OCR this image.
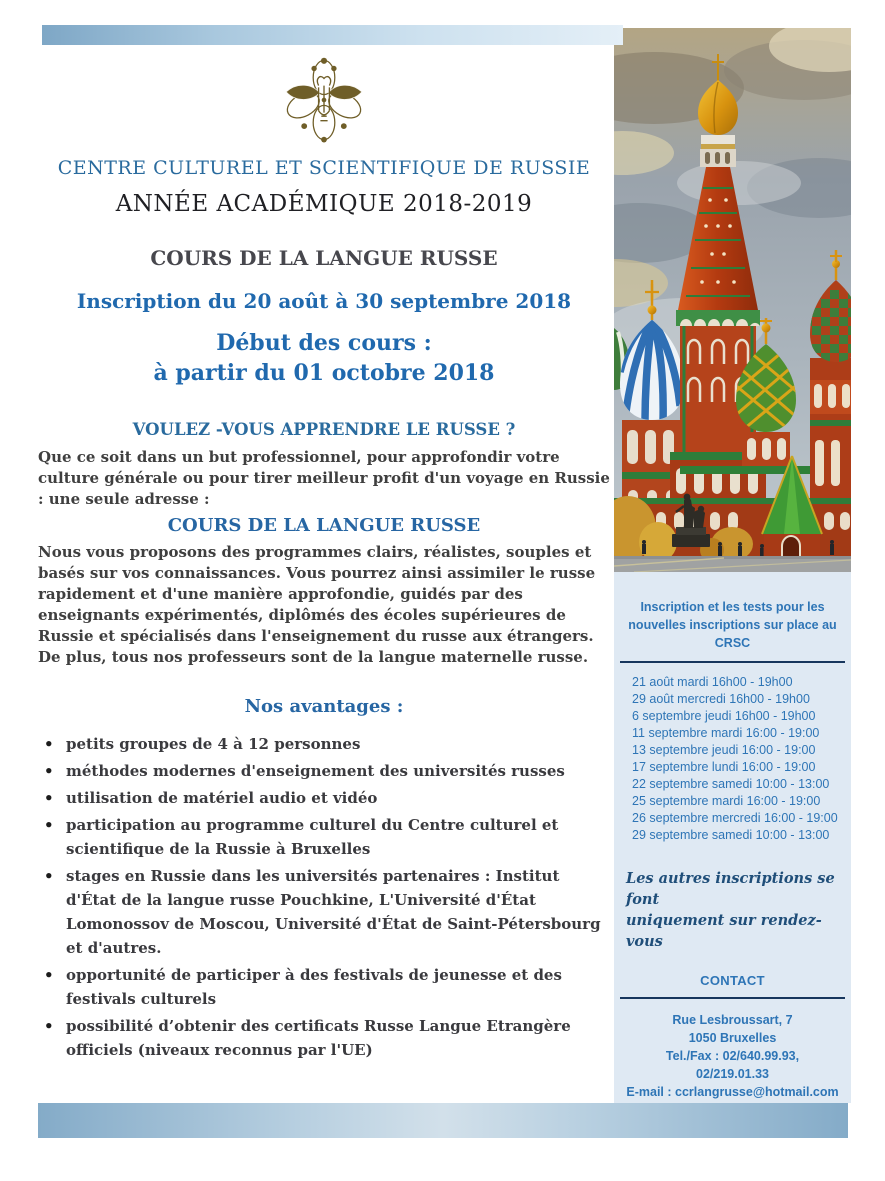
CENTRE CULTUREL ET SCIENTIFIQUE DE RUSSIE
ANNÉE ACADÉMIQUE 2018-2019
COURS DE LA LANGUE RUSSE
Inscription du 20 août à 30 septembre 2018
Début des cours :
à partir du 01 octobre 2018
VOULEZ -VOUS APPRENDRE LE RUSSE ?

Que ce soit dans un but professionnel, pour approfondir votre culture générale ou pour tirer meilleur profit d'un voyage en Russie : une seule adresse :

COURS DE LA LANGUE RUSSE

Nous vous proposons des programmes clairs, réalistes, souples et basés sur vos connaissances. Vous pourrez ainsi assimiler le russe rapidement et d'une manière approfondie, guidés par des enseignants expérimentés, diplômés des écoles supérieures de Russie et spécialisés dans l'enseignement du russe aux étrangers. De plus, tous nos professeurs sont de la langue maternelle russe.

Nos avantages :
• petits groupes de 4 à 12 personnes
• méthodes modernes d'enseignement des universités russes
• utilisation de matériel audio et vidéo
• participation au programme culturel du Centre culturel et scientifique de la Russie à Bruxelles
• stages en Russie dans les universités partenaires : Institut d'État de la langue russe Pouchkine, L'Université d'État Lomonossov de Moscou, Université d'État de Saint-Pétersbourg et d'autres.
• opportunité de participer à des festivals de jeunesse et des festivals culturels
• possibilité d’obtenir des certificats Russe Langue Etrangère officiels (niveaux reconnus par l'UE)
Inscription et les tests pour les nouvelles inscriptions sur place au CRSC
21 août mardi 16h00 - 19h00
29 août mercredi 16h00 - 19h00
6 septembre jeudi 16h00 - 19h00
11 septembre mardi 16:00 - 19:00
13 septembre jeudi 16:00 - 19:00
17 septembre lundi 16:00 - 19:00
22 septembre samedi 10:00 - 13:00
25 septembre mardi 16:00 - 19:00
26 septembre mercredi 16:00 - 19:00
29 septembre samedi 10:00 - 13:00
Les autres inscriptions se font
uniquement sur rendez-vous
CONTACT
Rue Lesbroussart, 7
1050 Bruxelles
Tel./Fax : 02/640.99.93,
02/219.01.33
E-mail : ccrlangrusse@hotmail.com
